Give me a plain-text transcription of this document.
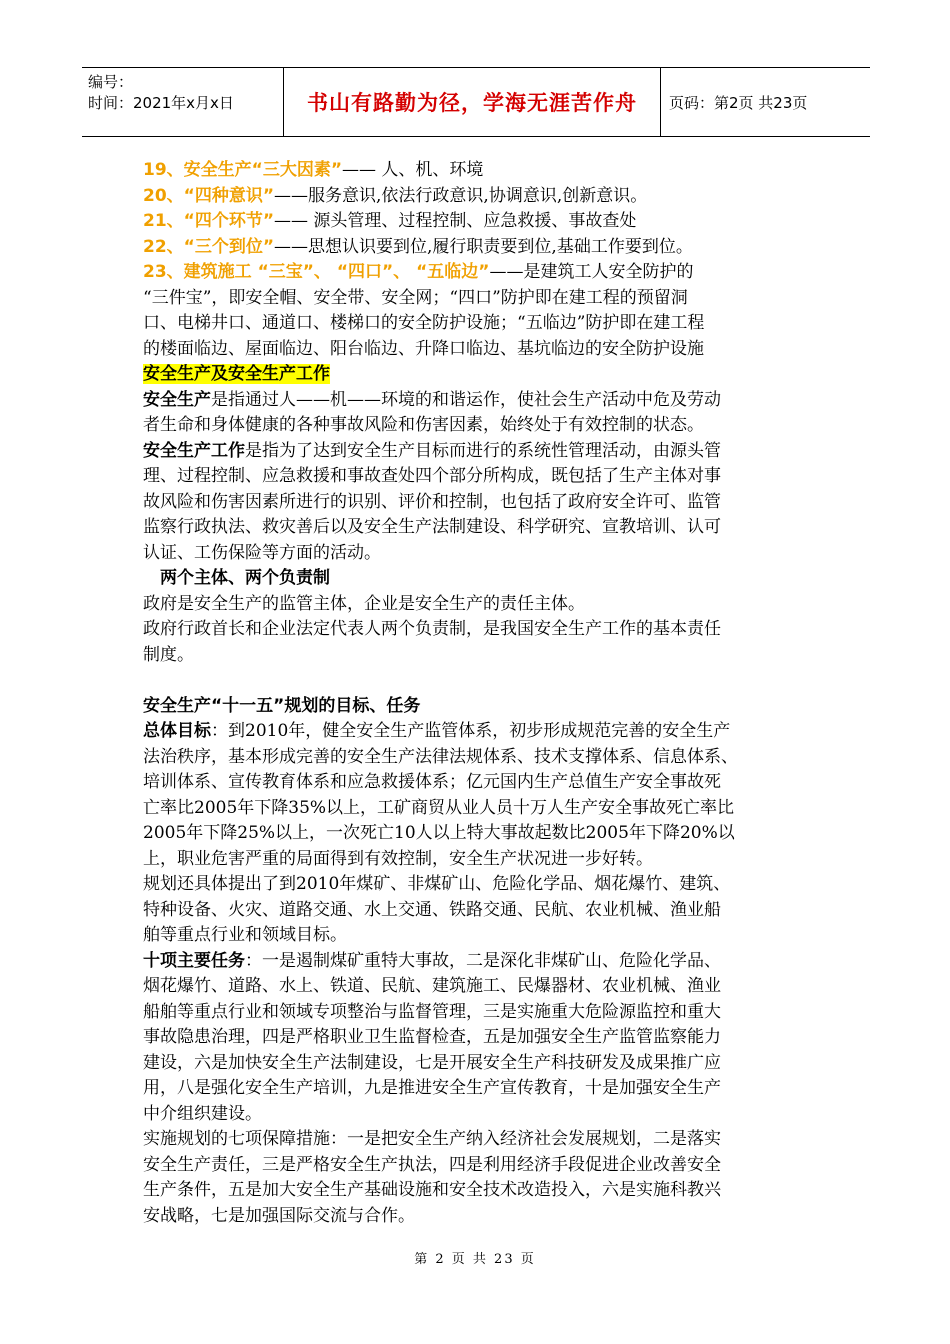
编号：
时间：2021年x月x日	书山有路勤为径，学海无涯苦作舟	页码：第2页 共23页

19、安全生产“三大因素”—— 人、机、环境

20、“四种意识”——服务意识,依法行政意识,协调意识,创新意识。

21、“四个环节”—— 源头管理、过程控制、应急救援、事故查处

22、“三个到位”——思想认识要到位,履行职责要到位,基础工作要到位。

23、建筑施工 “三宝”、 “四口”、 “五临边”——是建筑工人安全防护的

“三件宝”，即安全帽、安全带、安全网；“四口”防护即在建工程的预留洞

口、电梯井口、通道口、楼梯口的安全防护设施；“五临边”防护即在建工程

的楼面临边、屋面临边、阳台临边、升降口临边、基坑临边的安全防护设施

安全生产及安全生产工作

安全生产是指通过人——机——环境的和谐运作，使社会生产活动中危及劳动

者生命和身体健康的各种事故风险和伤害因素，始终处于有效控制的状态。

安全生产工作是指为了达到安全生产目标而进行的系统性管理活动，由源头管

理、过程控制、应急救援和事故查处四个部分所构成，既包括了生产主体对事

故风险和伤害因素所进行的识别、评价和控制，也包括了政府安全许可、监管

监察行政执法、救灾善后以及安全生产法制建设、科学研究、宣教培训、认可

认证、工伤保险等方面的活动。

两个主体、两个负责制

政府是安全生产的监管主体，企业是安全生产的责任主体。

政府行政首长和企业法定代表人两个负责制，是我国安全生产工作的基本责任

制度。

安全生产“十一五”规划的目标、任务

总体目标：到2010年，健全安全生产监管体系，初步形成规范完善的安全生产

法治秩序，基本形成完善的安全生产法律法规体系、技术支撑体系、信息体系、

培训体系、宣传教育体系和应急救援体系；亿元国内生产总值生产安全事故死

亡率比2005年下降35%以上，工矿商贸从业人员十万人生产安全事故死亡率比

2005年下降25%以上，一次死亡10人以上特大事故起数比2005年下降20%以

上，职业危害严重的局面得到有效控制，安全生产状况进一步好转。

规划还具体提出了到2010年煤矿、非煤矿山、危险化学品、烟花爆竹、建筑、

特种设备、火灾、道路交通、水上交通、铁路交通、民航、农业机械、渔业船

舶等重点行业和领域目标。

十项主要任务：一是遏制煤矿重特大事故，二是深化非煤矿山、危险化学品、

烟花爆竹、道路、水上、铁道、民航、建筑施工、民爆器材、农业机械、渔业

船舶等重点行业和领域专项整治与监督管理，三是实施重大危险源监控和重大

事故隐患治理，四是严格职业卫生监督检查，五是加强安全生产监管监察能力

建设，六是加快安全生产法制建设，七是开展安全生产科技研发及成果推广应

用，八是强化安全生产培训，九是推进安全生产宣传教育，十是加强安全生产

中介组织建设。

实施规划的七项保障措施：一是把安全生产纳入经济社会发展规划，二是落实

安全生产责任，三是严格安全生产执法，四是利用经济手段促进企业改善安全

生产条件，五是加大安全生产基础设施和安全技术改造投入，六是实施科教兴

安战略，七是加强国际交流与合作。

第 2 页 共 23 页
